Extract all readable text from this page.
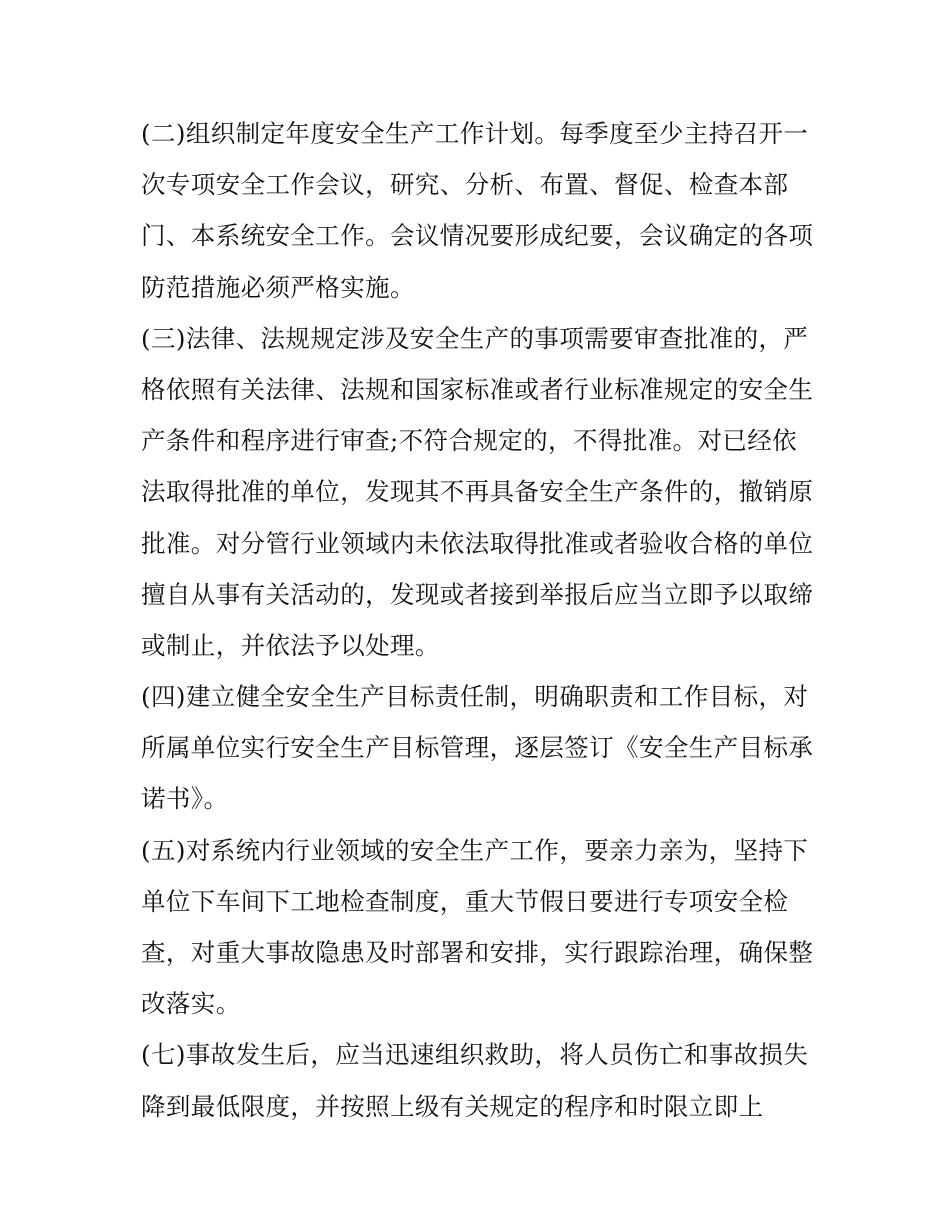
(二)组织制定年度安全生产工作计划。每季度至少主持召开一
次专项安全工作会议，研究、分析、布置、督促、检查本部
门、本系统安全工作。会议情况要形成纪要，会议确定的各项
防范措施必须严格实施。
(三)法律、法规规定涉及安全生产的事项需要审查批准的，严
格依照有关法律、法规和国家标准或者行业标准规定的安全生
产条件和程序进行审查;不符合规定的，不得批准。对已经依
法取得批准的单位，发现其不再具备安全生产条件的，撤销原
批准。对分管行业领域内未依法取得批准或者验收合格的单位
擅自从事有关活动的，发现或者接到举报后应当立即予以取缔
或制止，并依法予以处理。
(四)建立健全安全生产目标责任制，明确职责和工作目标，对
所属单位实行安全生产目标管理，逐层签订《安全生产目标承
诺书》。
(五)对系统内行业领域的安全生产工作，要亲力亲为，坚持下
单位下车间下工地检查制度，重大节假日要进行专项安全检
查，对重大事故隐患及时部署和安排，实行跟踪治理，确保整
改落实。
(七)事故发生后，应当迅速组织救助，将人员伤亡和事故损失
降到最低限度，并按照上级有关规定的程序和时限立即上
